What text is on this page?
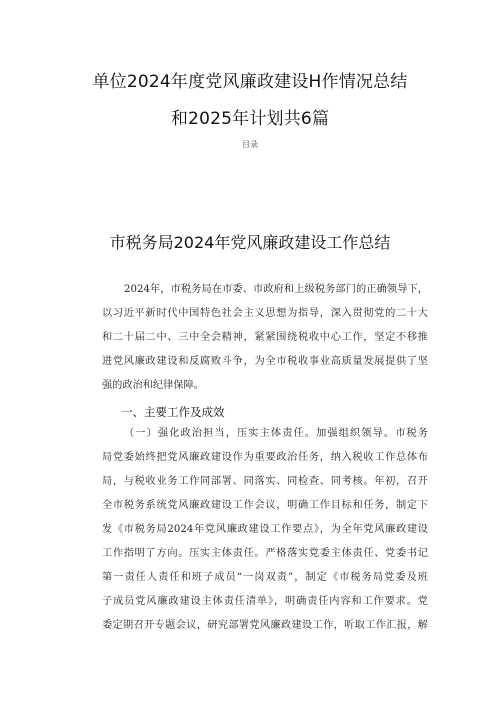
单位2024年度党风廉政建设H作情况总结
和2025年计划共6篇
目录
市税务局2024年党风廉政建设工作总结
2024年，市税务局在市委、市政府和上级税务部门的正确领导下，
以习近平新时代中国特色社会主义思想为指导，深入贯彻党的二十大
和二十届二中、三中全会精神，紧紧围绕税收中心工作，坚定不移推
进党风廉政建设和反腐败斗争，为全市税收事业高质量发展提供了坚
强的政治和纪律保障。
一、主要工作及成效
（一）强化政治担当，压实主体责任。加强组织领导。市税务
局党委始终把党风廉政建设作为重要政治任务，纳入税收工作总体布
局，与税收业务工作同部署、同落实、同检查、同考核。年初，召开
全市税务系统党风廉政建设工作会议，明确工作目标和任务，制定下
发《市税务局2024年党风廉政建设工作要点》，为全年党风廉政建设
工作指明了方向。压实主体责任。严格落实党委主体责任、党委书记
第一责任人责任和班子成员“一岗双责”，制定《市税务局党委及班
子成员党风廉政建设主体责任清单》，明确责任内容和工作要求。党
委定期召开专题会议，研究部署党风廉政建设工作，听取工作汇报，解
